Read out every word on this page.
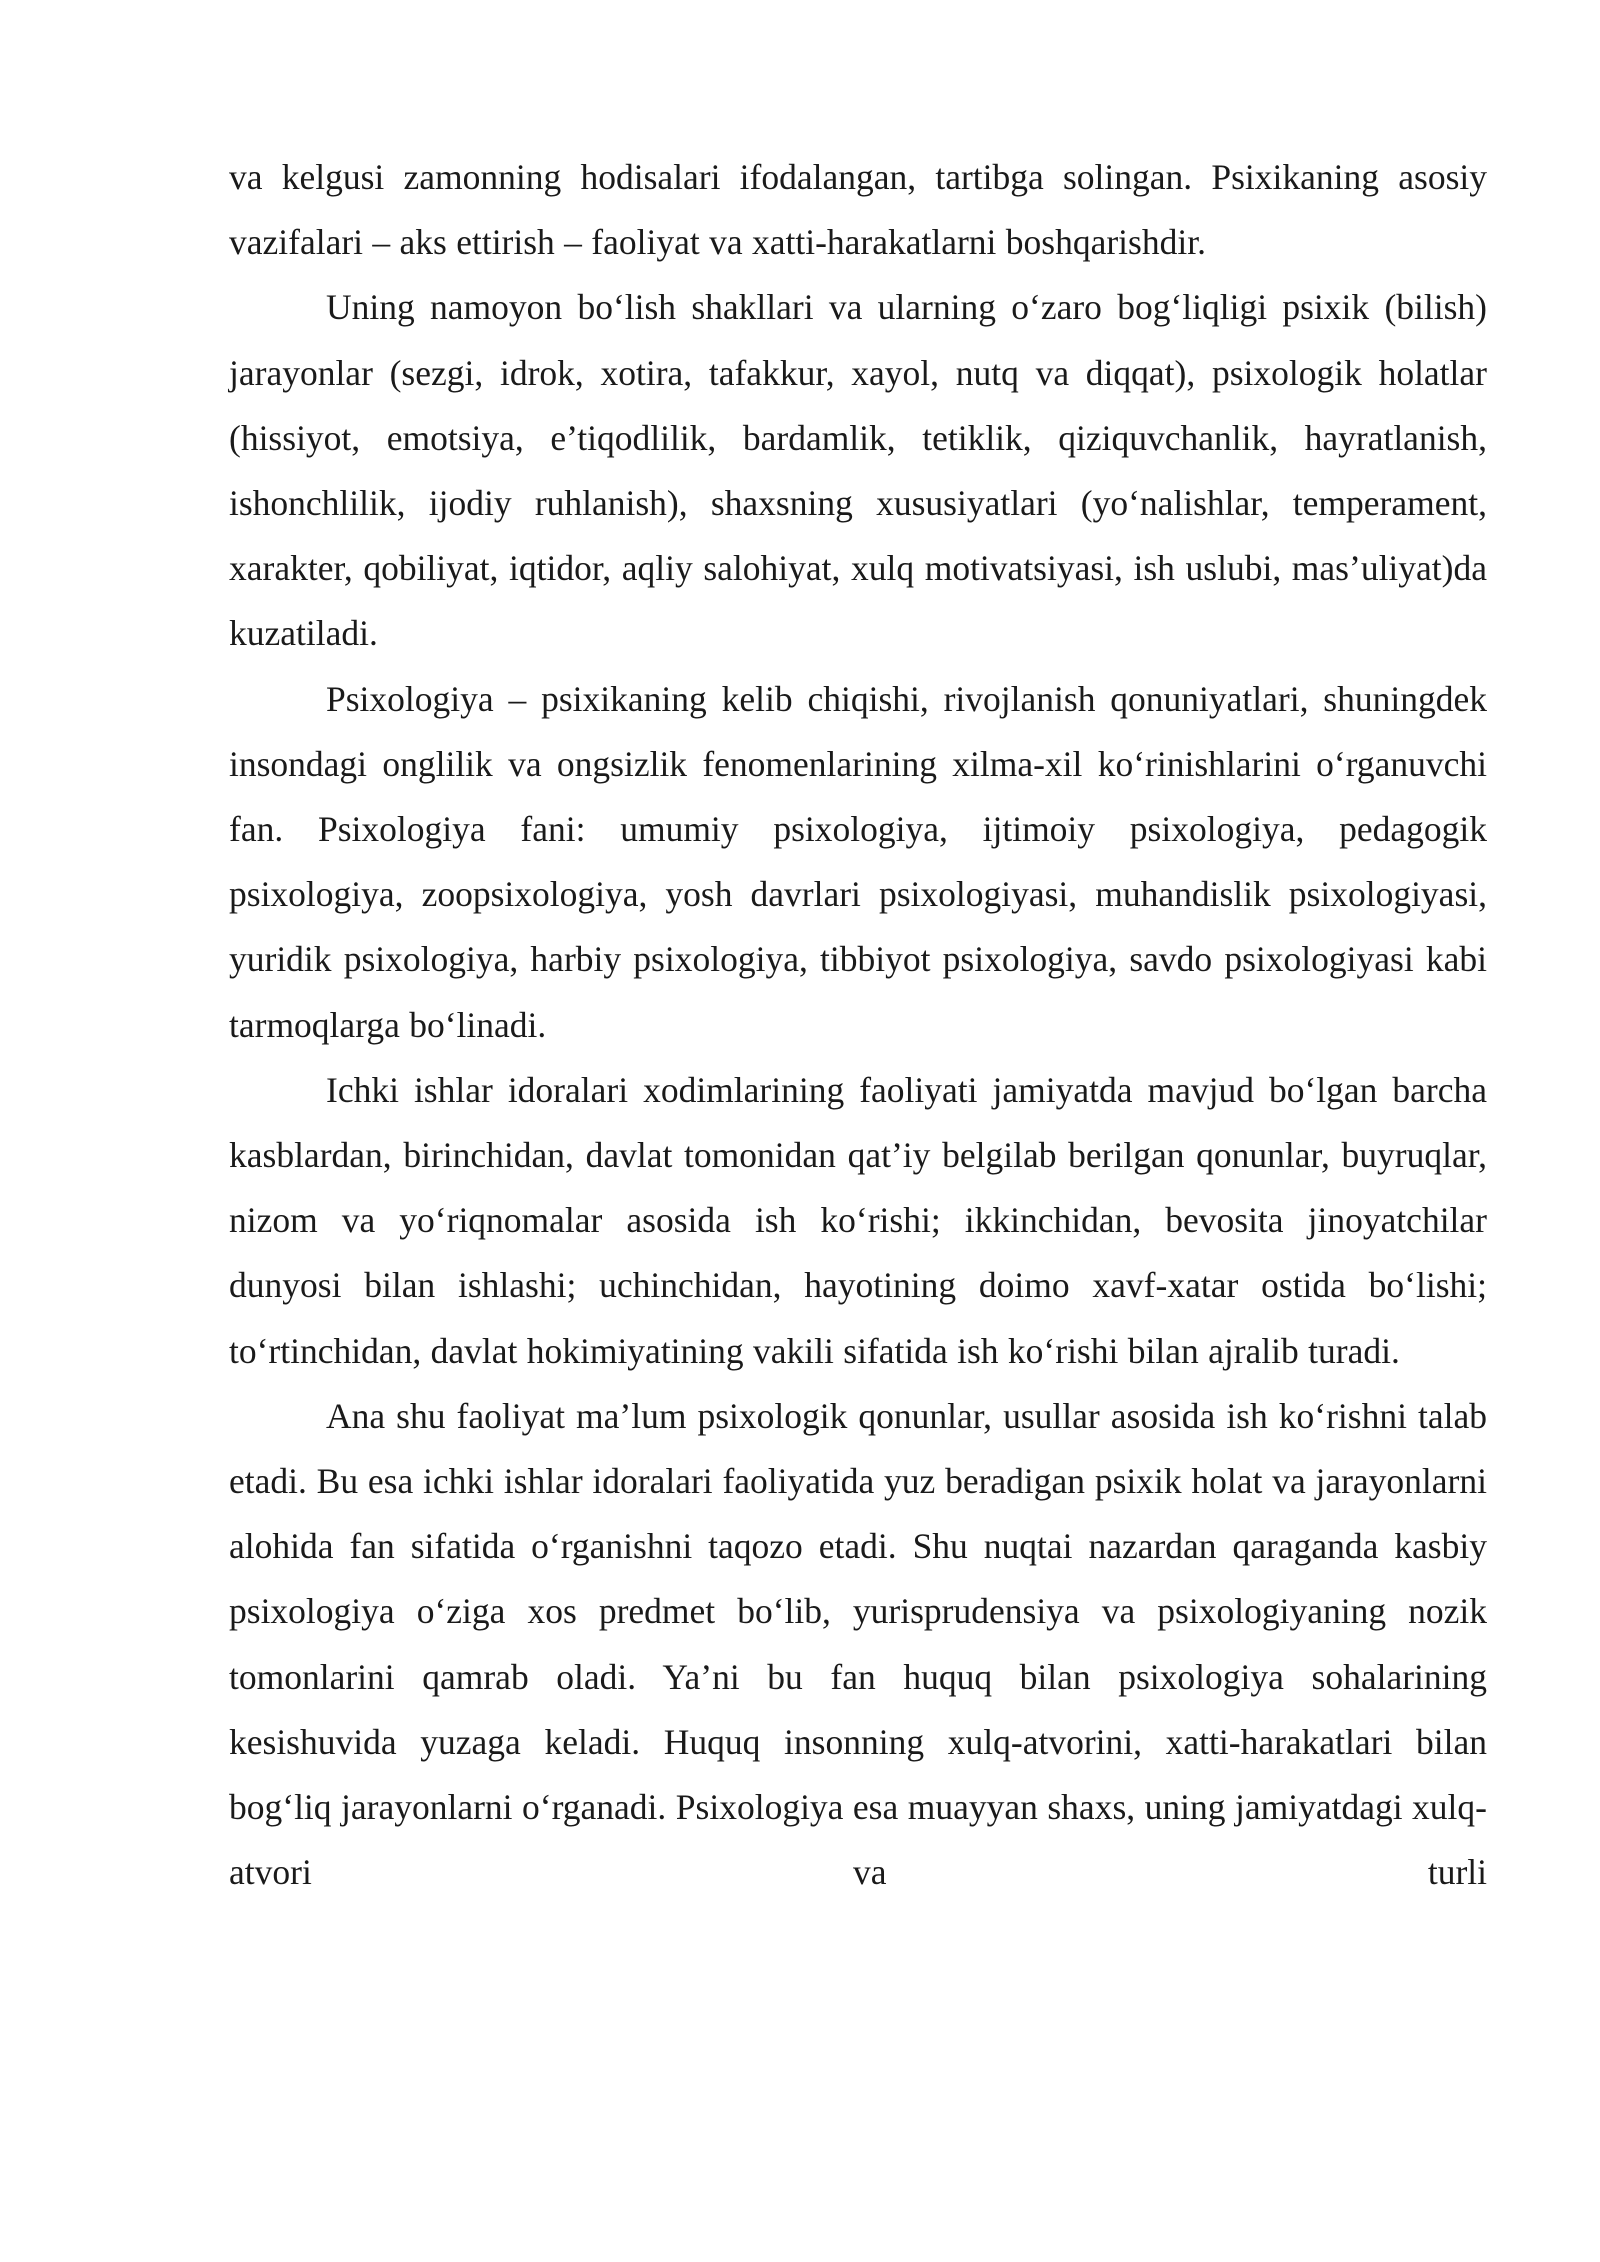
va kelgusi zamonning hodisalari ifodalangan, tartibga solingan. Psixikaning asosiy vazifalari – aks ettirish – faoliyat va xatti-harakatlarni boshqarishdir.

Uning namoyon bo‘lish shakllari va ularning o‘zaro bog‘liqligi psixik (bilish) jarayonlar (sezgi, idrok, xotira, tafakkur, xayol, nutq va diqqat), psixologik holatlar (hissiyot, emotsiya, e’tiqodlilik, bardamlik, tetiklik, qiziquvchanlik, hayratlanish, ishonchlilik, ijodiy ruhlanish), shaxsning xususiyatlari (yo‘nalishlar, temperament, xarakter, qobiliyat, iqtidor, aqliy salohiyat, xulq motivatsiyasi, ish uslubi, mas’uliyat)da kuzatiladi.

Psixologiya – psixikaning kelib chiqishi, rivojlanish qonuniyatlari, shuningdek insondagi onglilik va ongsizlik fenomenlarining xilma-xil ko‘rinishlarini o‘rganuvchi fan. Psixologiya fani: umumiy psixologiya, ijtimoiy psixologiya, pedagogik psixologiya, zoopsixologiya, yosh davrlari psixologiyasi, muhandislik psixologiyasi, yuridik psixologiya, harbiy psixologiya, tibbiyot psixologiya, savdo psixologiyasi kabi tarmoqlarga bo‘linadi.

Ichki ishlar idoralari xodimlarining faoliyati jamiyatda mavjud bo‘lgan barcha kasblardan, birinchidan, davlat tomonidan qat’iy belgilab berilgan qonunlar, buyruqlar, nizom va yo‘riqnomalar asosida ish ko‘rishi; ikkinchidan, bevosita jinoyatchilar dunyosi bilan ishlashi; uchinchidan, hayotining doimo xavf-xatar ostida bo‘lishi; to‘rtinchidan, davlat hokimiyatining vakili sifatida ish ko‘rishi bilan ajralib turadi.

Ana shu faoliyat ma’lum psixologik qonunlar, usullar asosida ish ko‘rishni talab etadi. Bu esa ichki ishlar idoralari faoliyatida yuz beradigan psixik holat va jarayonlarni alohida fan sifatida o‘rganishni taqozo etadi. Shu nuqtai nazardan qaraganda kasbiy psixologiya o‘ziga xos predmet bo‘lib, yurisprudensiya va psixologiyaning nozik tomonlarini qamrab oladi. Ya’ni bu fan huquq bilan psixologiya sohalarining kesishuvida yuzaga keladi. Huquq insonning xulq-atvorini, xatti-harakatlari bilan bog‘liq jarayonlarni o‘rganadi. Psixologiya esa muayyan shaxs, uning jamiyatdagi xulq-atvori va turli
